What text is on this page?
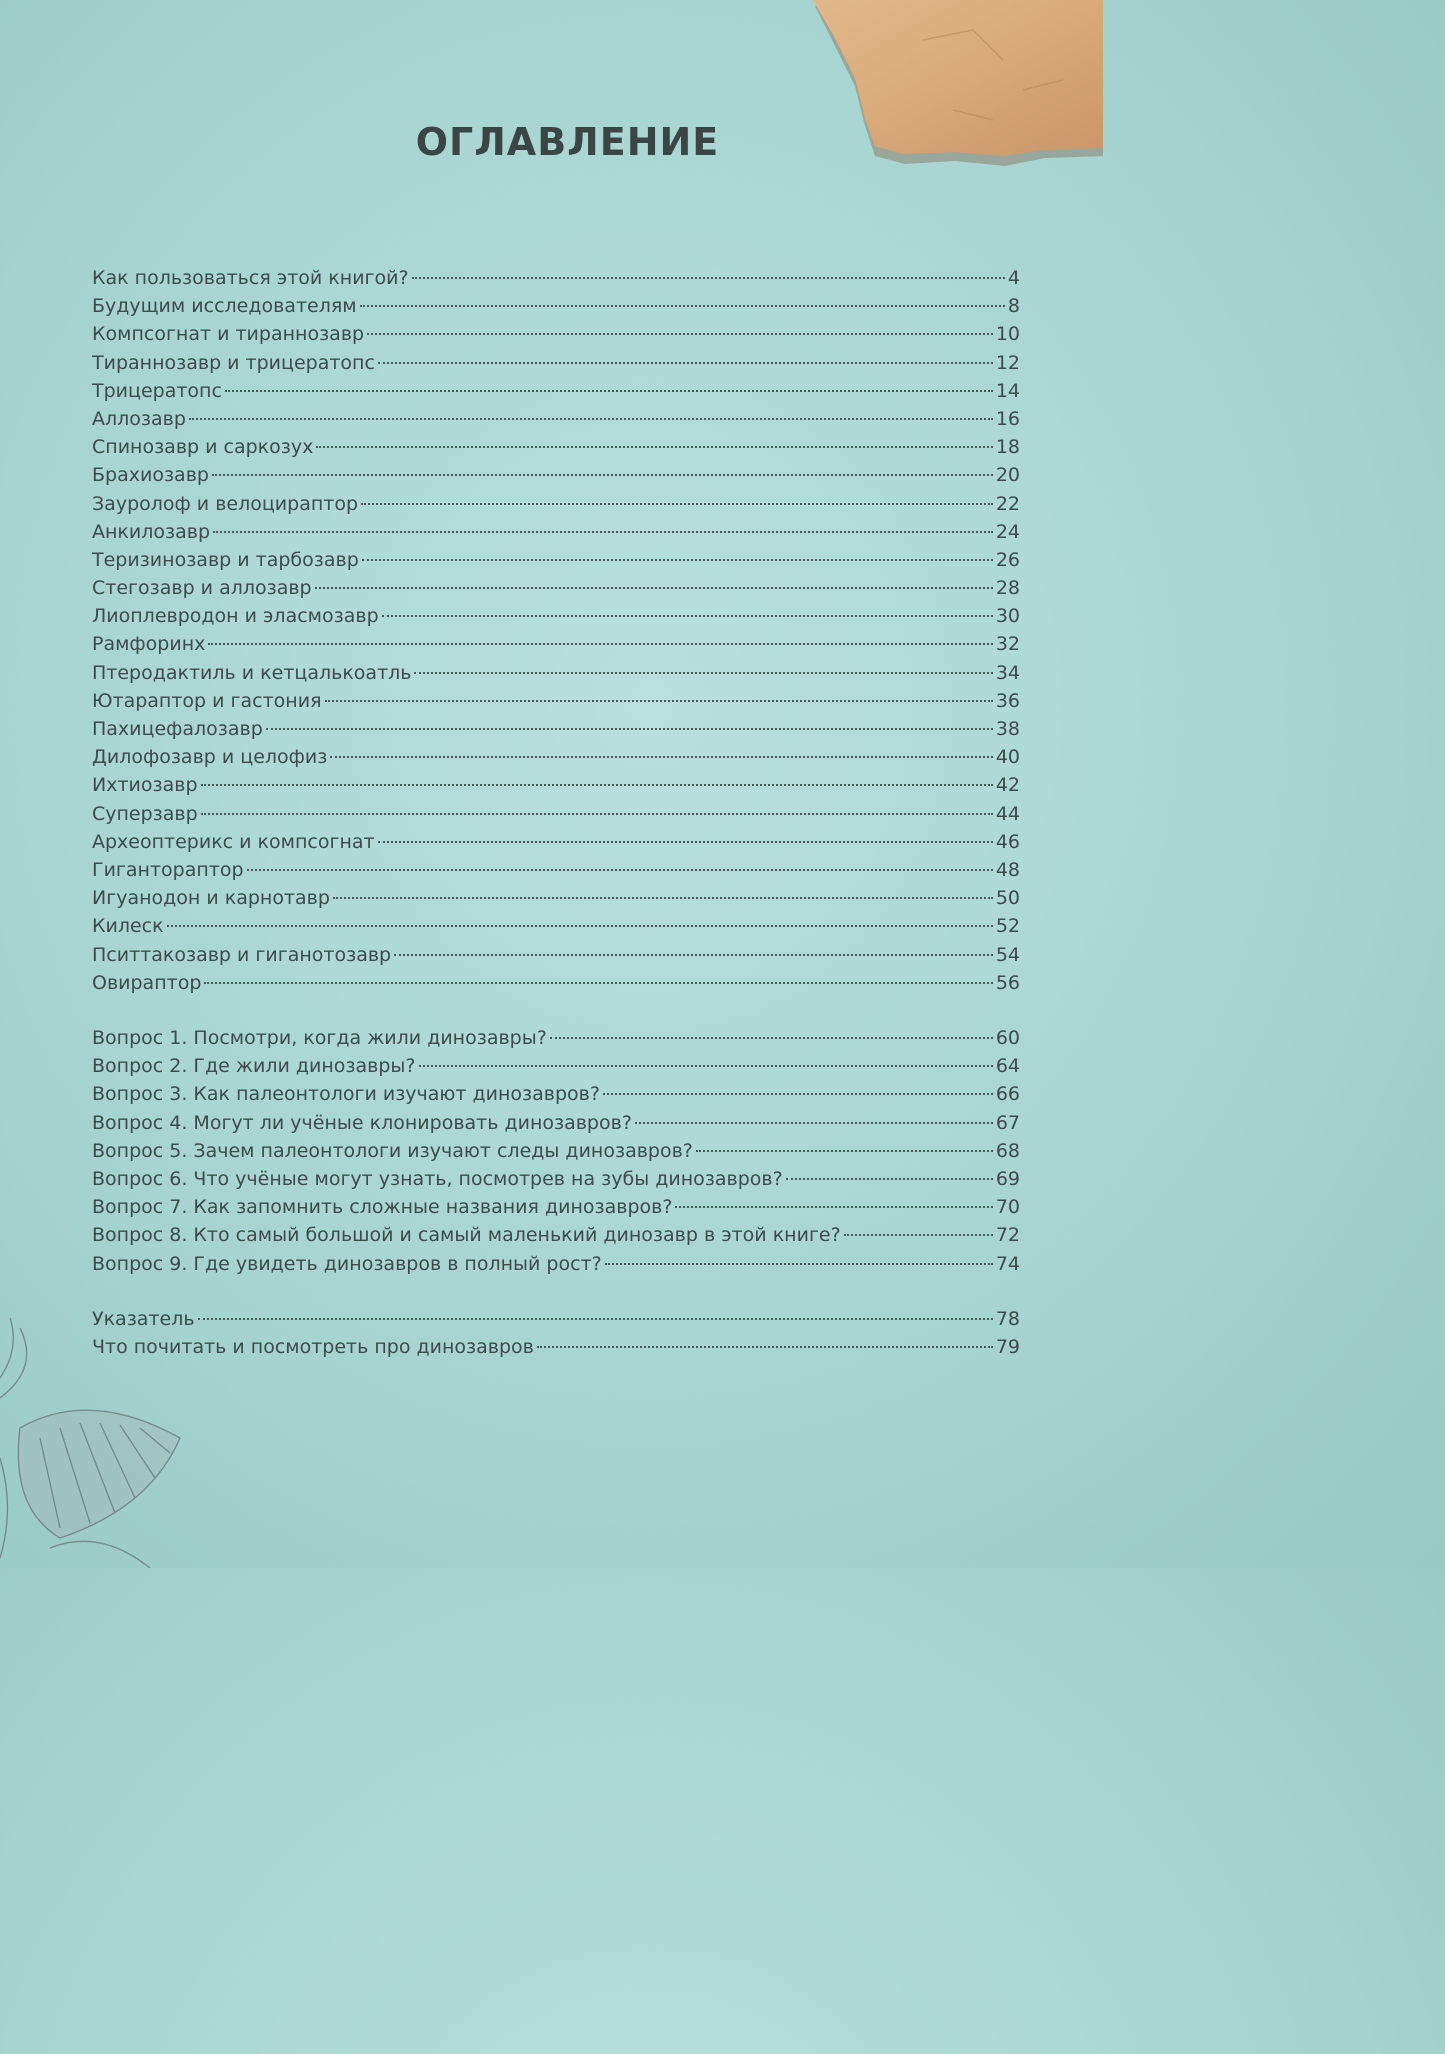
ОГЛАВЛЕНИЕ
Как пользоваться этой книгой?	4
Будущим исследователям	8
Компсогнат и тираннозавр	10
Тираннозавр и трицератопс	12
Трицератопс	14
Аллозавр	16
Спинозавр и саркозух	18
Брахиозавр	20
Зауролоф и велоцираптор	22
Анкилозавр	24
Теризинозавр и тарбозавр	26
Стегозавр и аллозавр	28
Лиоплевродон и эласмозавр	30
Рамфоринх	32
Птеродактиль и кетцалькоатль	34
Ютараптор и гастония	36
Пахицефалозавр	38
Дилофозавр и целофиз	40
Ихтиозавр	42
Суперзавр	44
Археоптерикс и компсогнат	46
Гиганторaптор	48
Игуанодон и карнотавр	50
Килеск	52
Пситтакозавр и гиганотозавр	54
Овираптор	56
Вопрос 1. Посмотри, когда жили динозавры?	60
Вопрос 2. Где жили динозавры?	64
Вопрос 3. Как палеонтологи изучают динозавров?	66
Вопрос 4. Могут ли учёные клонировать динозавров?	67
Вопрос 5. Зачем палеонтологи изучают следы динозавров?	68
Вопрос 6. Что учёные могут узнать, посмотрев на зубы динозавров?	69
Вопрос 7. Как запомнить сложные названия динозавров?	70
Вопрос 8. Кто самый большой и самый маленький динозавр в этой книге?	72
Вопрос 9. Где увидеть динозавров в полный рост?	74
Указатель	78
Что почитать и посмотреть про динозавров	79
